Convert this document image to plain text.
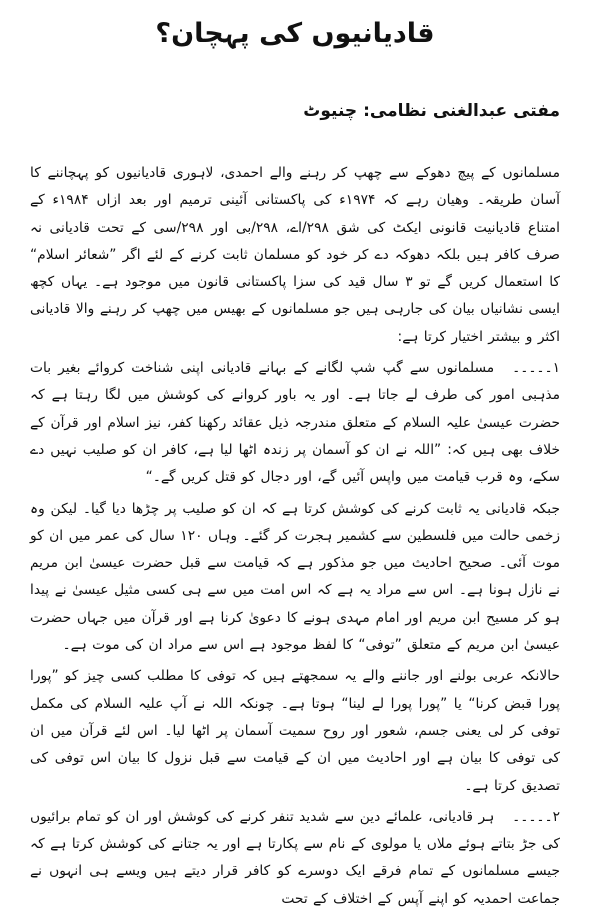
قادیانیوں کی پہچان؟
مفتی عبدالغنی نظامی: چنیوٹ

مسلمانوں کے پیچ دھوکے سے چھپ کر رہنے والے احمدی، لاہوری قادیانیوں کو پہچاننے کا آسان طریقہ۔ وھیان رہے کہ ۱۹۷۴ء کی پاکستانی آئینی ترمیم اور بعد ازاں ۱۹۸۴ء کے امتناع قادیانیت قانونی ایکٹ کی شق ۲۹۸/اے، ۲۹۸/بی اور ۲۹۸/سی کے تحت قادیانی نہ صرف کافر ہیں بلکہ دھوکہ دے کر خود کو مسلمان ثابت کرنے کے لئے اگر ”شعائر اسلام“ کا استعمال کریں گے تو ۳ سال قید کی سزا پاکستانی قانون میں موجود ہے۔ یہاں کچھ ایسی نشانیاں بیان کی جارہی ہیں جو مسلمانوں کے بھیس میں چھپ کر رہنے والا قادیانی اکثر و بیشتر اختیار کرتا ہے:

۱۔۔۔۔۔مسلمانوں سے گپ شپ لگانے کے بہانے قادیانی اپنی شناخت کروائے بغیر بات مذہبی امور کی طرف لے جاتا ہے۔ اور یہ باور کروانے کی کوشش میں لگا رہتا ہے کہ حضرت عیسیٰ علیہ السلام کے متعلق مندرجہ ذیل عقائد رکھنا کفر، نیز اسلام اور قرآن کے خلاف بھی ہیں کہ: ”اللہ نے ان کو آسمان پر زندہ اٹھا لیا ہے، کافر ان کو صلیب نہیں دے سکے، وہ قرب قیامت میں واپس آئیں گے، اور دجال کو قتل کریں گے۔“

جبکہ قادیانی یہ ثابت کرنے کی کوشش کرتا ہے کہ ان کو صلیب پر چڑھا دیا گیا۔ لیکن وہ زخمی حالت میں فلسطین سے کشمیر ہجرت کر گئے۔ وہاں ۱۲۰ سال کی عمر میں ان کو موت آئی۔ صحیح احادیث میں جو مذکور ہے کہ قیامت سے قبل حضرت عیسیٰ ابن مریم نے نازل ہونا ہے۔ اس سے مراد یہ ہے کہ اس امت میں سے ہی کسی مثیل عیسیٰ نے پیدا ہو کر مسیح ابن مریم اور امام مہدی ہونے کا دعویٰ کرنا ہے اور قرآن میں جہاں حضرت عیسیٰ ابن مریم کے متعلق ”توفی“ کا لفظ موجود ہے اس سے مراد ان کی موت ہے۔

حالانکہ عربی بولنے اور جاننے والے یہ سمجھتے ہیں کہ توفی کا مطلب کسی چیز کو ”پورا پورا قبض کرنا“ یا ”پورا پورا لے لینا“ ہوتا ہے۔ چونکہ اللہ نے آپ علیہ السلام کی مکمل توفی کر لی یعنی جسم، شعور اور روح سمیت آسمان پر اٹھا لیا۔ اس لئے قرآن میں ان کی توفی کا بیان ہے اور احادیث میں ان کے قیامت سے قبل نزول کا بیان اس توفی کی تصدیق کرتا ہے۔

۲۔۔۔۔۔ہر قادیانی، علمائے دین سے شدید تنفر کرنے کی کوشش اور ان کو تمام برائیوں کی جڑ بتاتے ہوئے ملاں یا مولوی کے نام سے پکارتا ہے اور یہ جتانے کی کوشش کرتا ہے کہ جیسے مسلمانوں کے تمام فرقے ایک دوسرے کو کافر قرار دیتے ہیں ویسے ہی انہوں نے جماعت احمدیہ کو اپنے آپس کے اختلاف کے تحت
